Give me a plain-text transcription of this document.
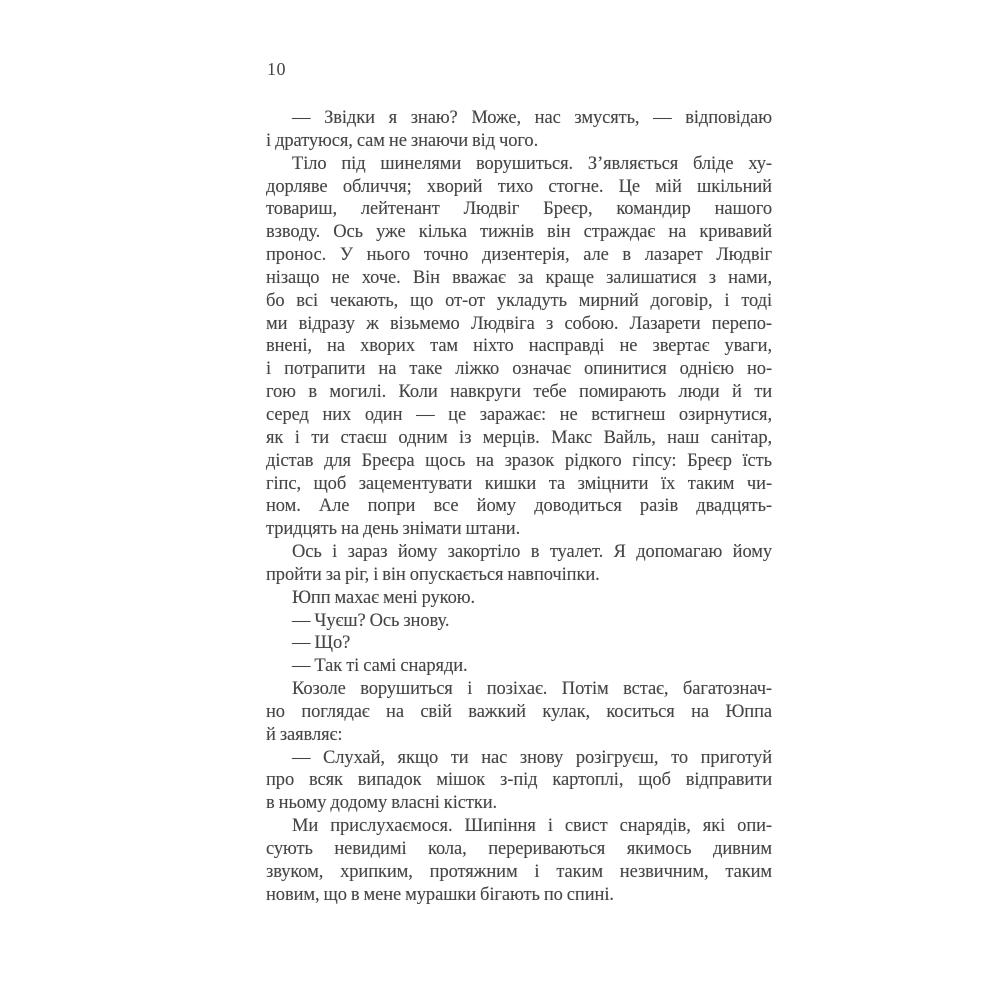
10
— Звідки я знаю? Може, нас змусять, — відповідаю
і дратуюся, сам не знаючи від чого.
Тіло під шинелями ворушиться. З’являється бліде ху-
дорляве обличчя; хворий тихо стогне. Це мій шкільний
товариш, лейтенант Людвіг Бреєр, командир нашого
взводу. Ось уже кілька тижнів він страждає на кривавий
пронос. У нього точно дизентерія, але в лазарет Людвіг
нізащо не хоче. Він вважає за краще залишатися з нами,
бо всі чекають, що от-от укладуть мирний договір, і тоді
ми відразу ж візьмемо Людвіга з собою. Лазарети перепо-
внені, на хворих там ніхто насправді не звертає уваги,
і потрапити на таке ліжко означає опинитися однією но-
гою в могилі. Коли навкруги тебе помирають люди й ти
серед них один — це заражає: не встигнеш озирнутися,
як і ти стаєш одним із мерців. Макс Вайль, наш санітар,
дістав для Бреєра щось на зразок рідкого гіпсу: Бреєр їсть
гіпс, щоб зацементувати кишки та зміцнити їх таким чи-
ном. Але попри все йому доводиться разів двадцять-
тридцять на день знімати штани.
Ось і зараз йому закортіло в туалет. Я допомагаю йому
пройти за ріг, і він опускається навпочіпки.
Юпп махає мені рукою.
— Чуєш? Ось знову.
— Що?
— Так ті самі снаряди.
Козоле ворушиться і позіхає. Потім встає, багатознач-
но поглядає на свій важкий кулак, коситься на Юппа
й заявляє:
— Слухай, якщо ти нас знову розігруєш, то приготуй
про всяк випадок мішок з-під картоплі, щоб відправити
в ньому додому власні кістки.
Ми прислухаємося. Шипіння і свист снарядів, які опи-
сують невидимі кола, перериваються якимось дивним
звуком, хрипким, протяжним і таким незвичним, таким
новим, що в мене мурашки бігають по спині.
